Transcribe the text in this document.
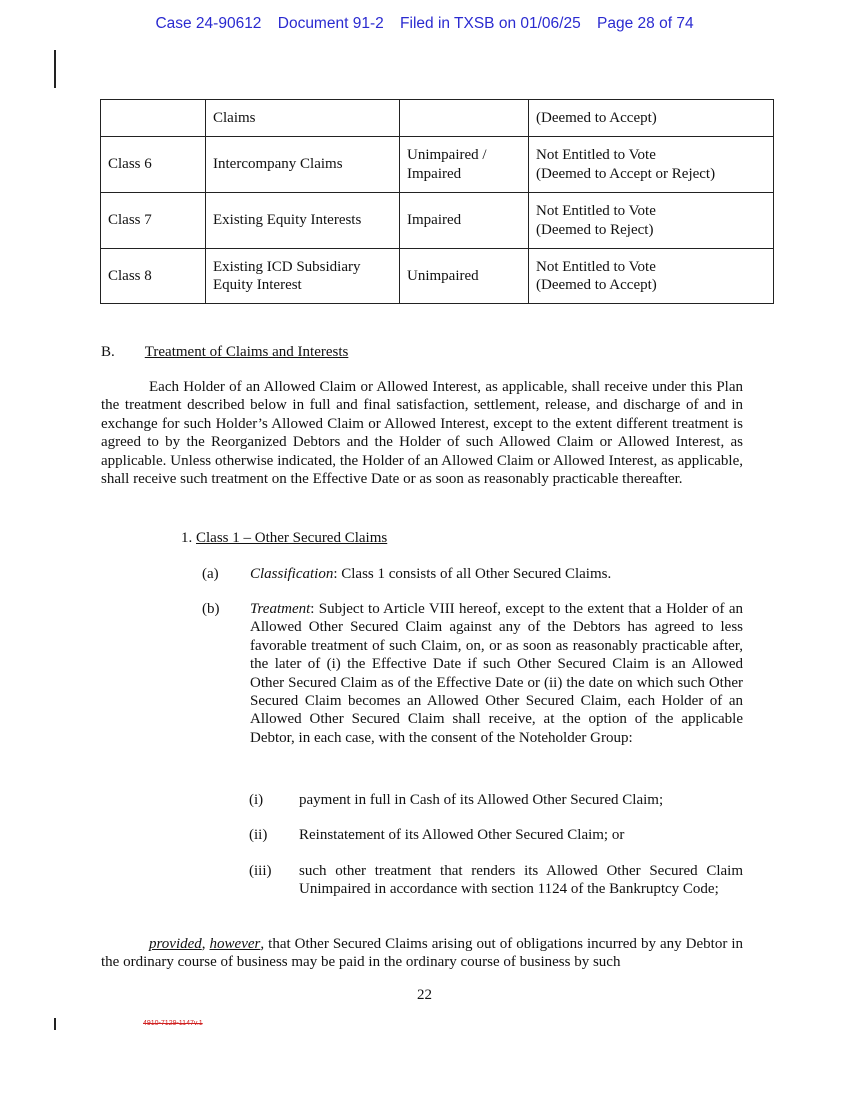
Case 24-90612 Document 91-2 Filed in TXSB on 01/06/25 Page 28 of 74
	Claims		(Deemed to Accept)

Class 6	Intercompany Claims	Unimpaired / Impaired	Not Entitled to Vote
(Deemed to Accept or Reject)

Class 7	Existing Equity Interests	Impaired	Not Entitled to Vote
(Deemed to Reject)

Class 8	Existing ICD Subsidiary Equity Interest	Unimpaired	Not Entitled to Vote
(Deemed to Accept)
B. Treatment of Claims and Interests

Each Holder of an Allowed Claim or Allowed Interest, as applicable, shall receive under this Plan the treatment described below in full and final satisfaction, settlement, release, and discharge of and in exchange for such Holder’s Allowed Claim or Allowed Interest, except to the extent different treatment is agreed to by the Reorganized Debtors and the Holder of such Allowed Claim or Allowed Interest, as applicable. Unless otherwise indicated, the Holder of an Allowed Claim or Allowed Interest, as applicable, shall receive such treatment on the Effective Date or as soon as reasonably practicable thereafter.

1. Class 1 – Other Secured Claims
(a) Classification: Class 1 consists of all Other Secured Claims.
(b) Treatment: Subject to Article VIII hereof, except to the extent that a Holder of an Allowed Other Secured Claim against any of the Debtors has agreed to less favorable treatment of such Claim, on, or as soon as reasonably practicable after, the later of (i) the Effective Date if such Other Secured Claim is an Allowed Other Secured Claim as of the Effective Date or (ii) the date on which such Other Secured Claim becomes an Allowed Other Secured Claim, each Holder of an Allowed Other Secured Claim shall receive, at the option of the applicable Debtor, in each case, with the consent of the Noteholder Group:
(i) payment in full in Cash of its Allowed Other Secured Claim;
(ii) Reinstatement of its Allowed Other Secured Claim; or
(iii) such other treatment that renders its Allowed Other Secured Claim Unimpaired in accordance with section 1124 of the Bankruptcy Code;

provided, however, that Other Secured Claims arising out of obligations incurred by any Debtor in the ordinary course of business may be paid in the ordinary course of business by such

22
4910-7129-1147v.1
